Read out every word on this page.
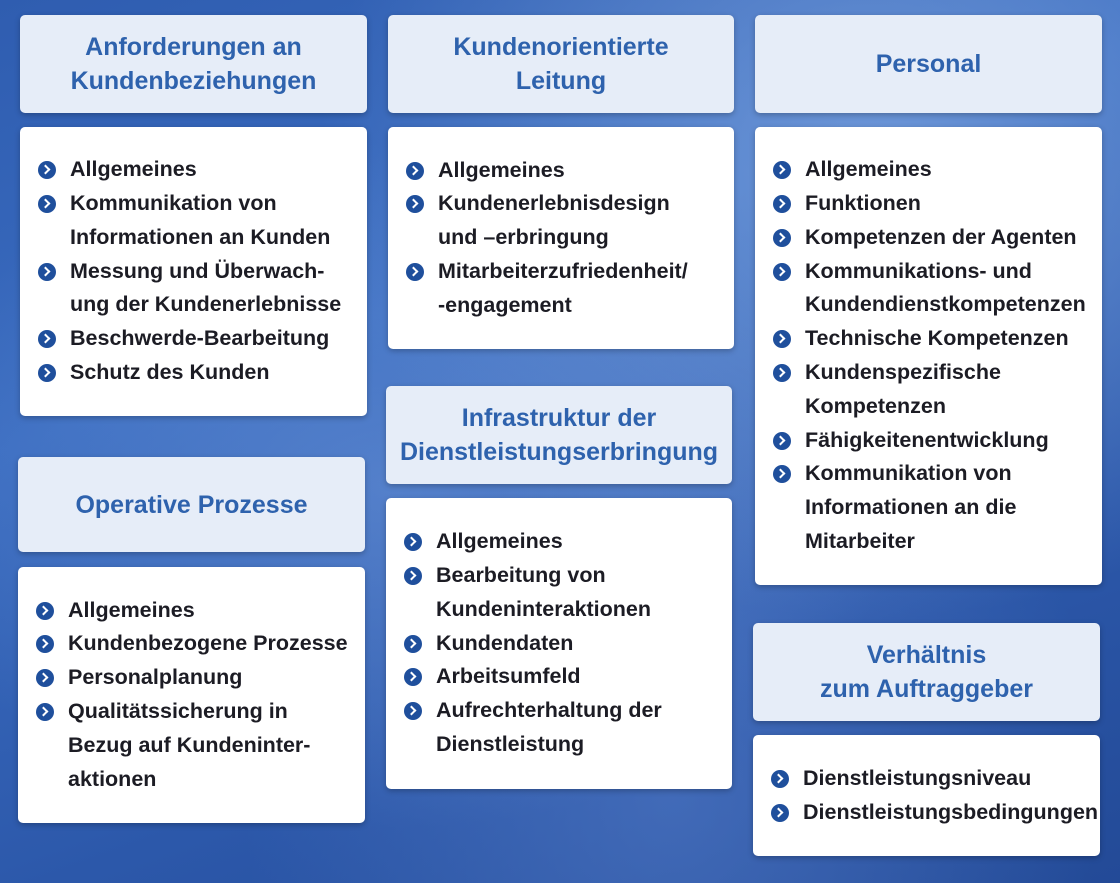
Anforderungen an
Kundenbeziehungen
Allgemeines
Kommunikation von
Informationen an Kunden
Messung und Überwach-
ung der Kundenerlebnisse
Beschwerde-Bearbeitung
Schutz des Kunden
Kundenorientierte
Leitung
Allgemeines
Kundenerlebnisdesign
und –erbringung
Mitarbeiterzufriedenheit/
-engagement
Personal
Allgemeines
Funktionen
Kompetenzen der Agenten
Kommunikations- und
Kundendienstkompetenzen
Technische Kompetenzen
Kundenspezifische
Kompetenzen
Fähigkeitenentwicklung
Kommunikation von
Informationen an die
Mitarbeiter
Operative Prozesse
Allgemeines
Kundenbezogene Prozesse
Personalplanung
Qualitätssicherung in
Bezug auf Kundeninter-
aktionen
Infrastruktur der
Dienstleistungserbringung
Allgemeines
Bearbeitung von
Kundeninteraktionen
Kundendaten
Arbeitsumfeld
Aufrechterhaltung der
Dienstleistung
Verhältnis
zum Auftraggeber
Dienstleistungsniveau
Dienstleistungsbedingungen
